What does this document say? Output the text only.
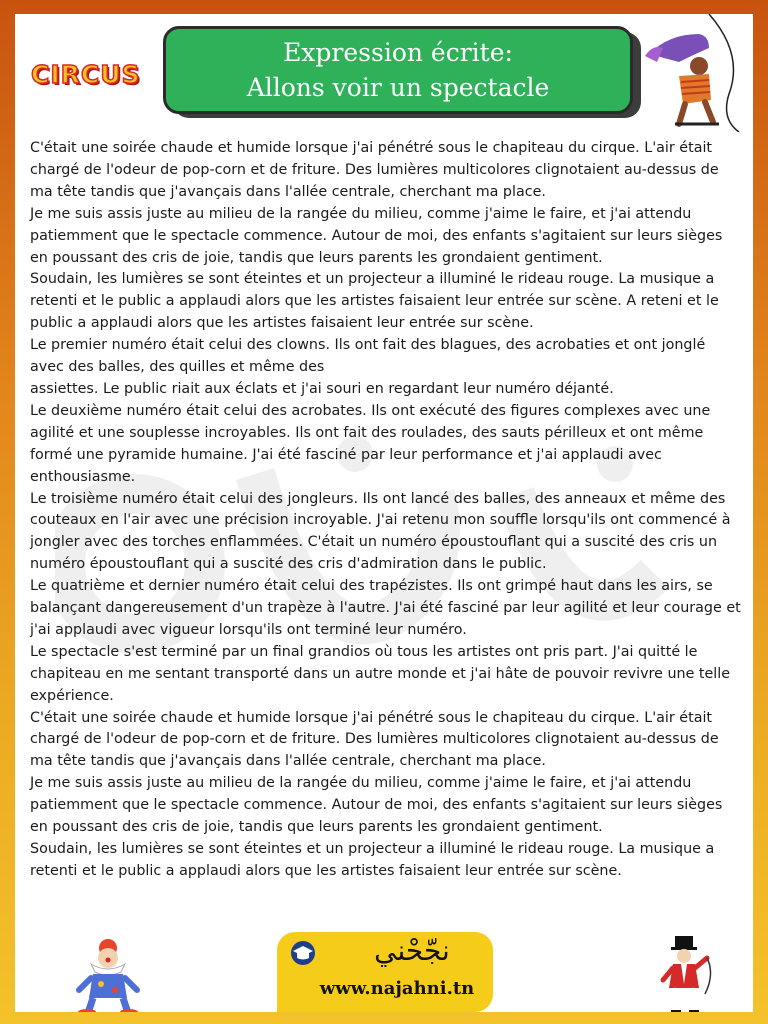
CIRCUS
Expression écrite:
Allons voir un spectacle

C'était une soirée chaude et humide lorsque j'ai pénétré sous le chapiteau du cirque. L'air était chargé de l'odeur de pop-corn et de friture. Des lumières multicolores clignotaient au-dessus de ma tête tandis que j'avançais dans l'allée centrale, cherchant ma place.

Je me suis assis juste au milieu de la rangée du milieu, comme j'aime le faire, et j'ai attendu patiemment que le spectacle commence. Autour de moi, des enfants s'agitaient sur leurs sièges en poussant des cris de joie, tandis que leurs parents les grondaient gentiment.

Soudain, les lumières se sont éteintes et un projecteur a illuminé le rideau rouge. La musique a retenti et le public a applaudi alors que les artistes faisaient leur entrée sur scène. A reteni et le public a applaudi alors que les artistes faisaient leur entrée sur scène.

Le premier numéro était celui des clowns. Ils ont fait des blagues, des acrobaties et ont jonglé avec des balles, des quilles et même des

assiettes. Le public riait aux éclats et j'ai souri en regardant leur numéro déjanté.

Le deuxième numéro était celui des acrobates. Ils ont exécuté des figures complexes avec une agilité et une souplesse incroyables. Ils ont fait des roulades, des sauts périlleux et ont même formé une pyramide humaine. J'ai été fasciné par leur performance et j'ai applaudi avec enthousiasme.

Le troisième numéro était celui des jongleurs. Ils ont lancé des balles, des anneaux et même des couteaux en l'air avec une précision incroyable. J'ai retenu mon souffle lorsqu'ils ont commencé à jongler avec des torches enflammées. C'était un numéro époustouflant qui a suscité des cris un numéro époustouflant qui a suscité des cris d'admiration dans le public.

Le quatrième et dernier numéro était celui des trapézistes. Ils ont grimpé haut dans les airs, se balançant dangereusement d'un trapèze à l'autre. J'ai été fasciné par leur agilité et leur courage et j'ai applaudi avec vigueur lorsqu'ils ont terminé leur numéro.

Le spectacle s'est terminé par un final grandios où tous les artistes ont pris part. J'ai quitté le chapiteau en me sentant transporté dans un autre monde et j'ai hâte de pouvoir revivre une telle expérience.

C'était une soirée chaude et humide lorsque j'ai pénétré sous le chapiteau du cirque. L'air était chargé de l'odeur de pop-corn et de friture. Des lumières multicolores clignotaient au-dessus de ma tête tandis que j'avançais dans l'allée centrale, cherchant ma place.

Je me suis assis juste au milieu de la rangée du milieu, comme j'aime le faire, et j'ai attendu patiemment que le spectacle commence. Autour de moi, des enfants s'agitaient sur leurs sièges en poussant des cris de joie, tandis que leurs parents les grondaient gentiment.

Soudain, les lumières se sont éteintes et un projecteur a illuminé le rideau rouge. La musique a retenti et le public a applaudi alors que les artistes faisaient leur entrée sur scène.

نجّحْني
www.najahni.tn
